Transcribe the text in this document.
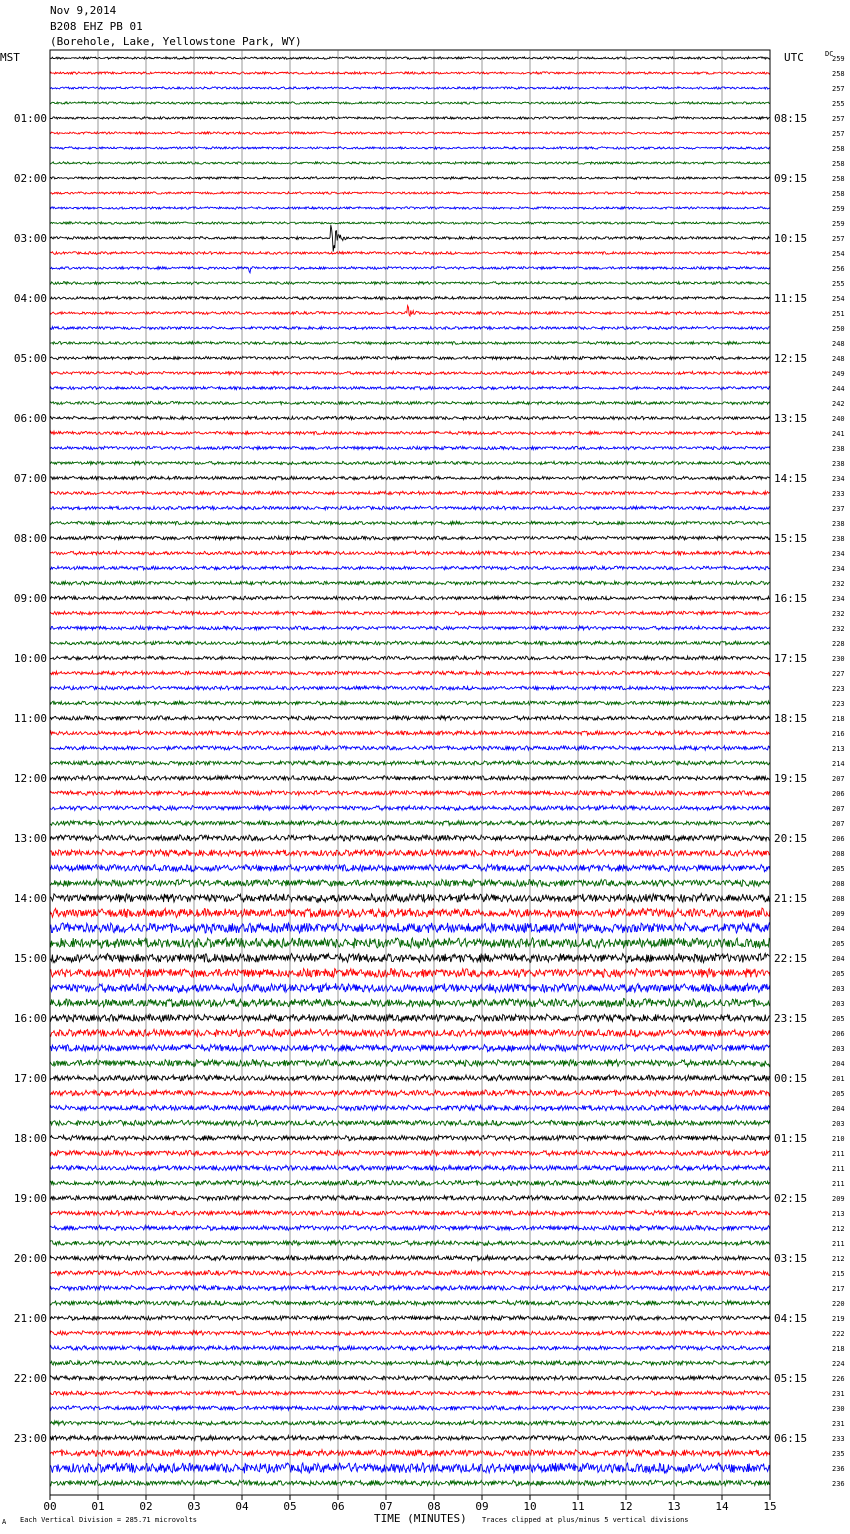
Nov 9,2014
B208 EHZ PB 01
(Borehole, Lake, Yellowstone Park, WY)
00	01	02	03	04	05	06	07	08	09	10	11	12	13	14	15
01:00	08:15
02:00	09:15
03:00	10:15
04:00	11:15
05:00	12:15
06:00	13:15
07:00	14:15
08:00	15:15
09:00	16:15
10:00	17:15
11:00	18:15
12:00	19:15
13:00	20:15
14:00	21:15
15:00	22:15
16:00	23:15
17:00	00:15
18:00	01:15
19:00	02:15
20:00	03:15
21:00	04:15
22:00	05:15
23:00	06:15
259
258
257
255
257
257
258
258
258
258
259
259
257
254
256
255
254
251
250
248
248
249
244
242
240
241
238
238
234
233
237
238
238
234
234
232
234
232
232
228
230
227
223
223
218
216
213
214
207
206
207
207
206
208
205
208
208
209
204
205
204
205
203
203
205
206
203
204
201
205
204
203
210
211
211
211
209
213
212
211
212
215
217
220
219
222
218
224
226
231
230
231
233
235
236
236
MST	UTC	DC
TIME (MINUTES)
A Each Vertical Division = 285.71 microvolts	Traces clipped at plus/minus 5 vertical divisions
